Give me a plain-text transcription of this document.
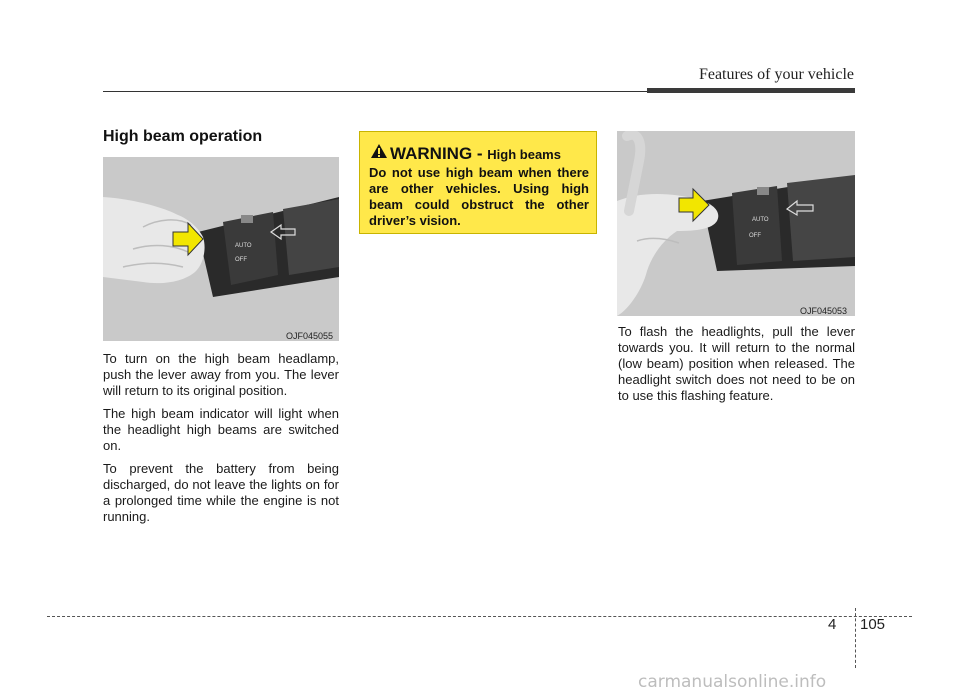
Features of your vehicle
High beam operation
AUTO
OFF
OJF045055

To turn on the high beam headlamp, push the lever away from you. The lever will return to its original position.

The high beam indicator will light when the headlight high beams are switched on.

To prevent the battery from being discharged, do not leave the lights on for a prolonged time while the engine is not running.

WARNING - High beams

Do not use high beam when there are other vehicles. Using high beam could obstruct the other driver’s vision.	AUTO
OFF
OJF045053

To flash the headlights, pull the lever towards you. It will return to the normal (low beam) position when released. The headlight switch does not need to be on to use this flashing feature.

4 105
carmanualsonline.info
